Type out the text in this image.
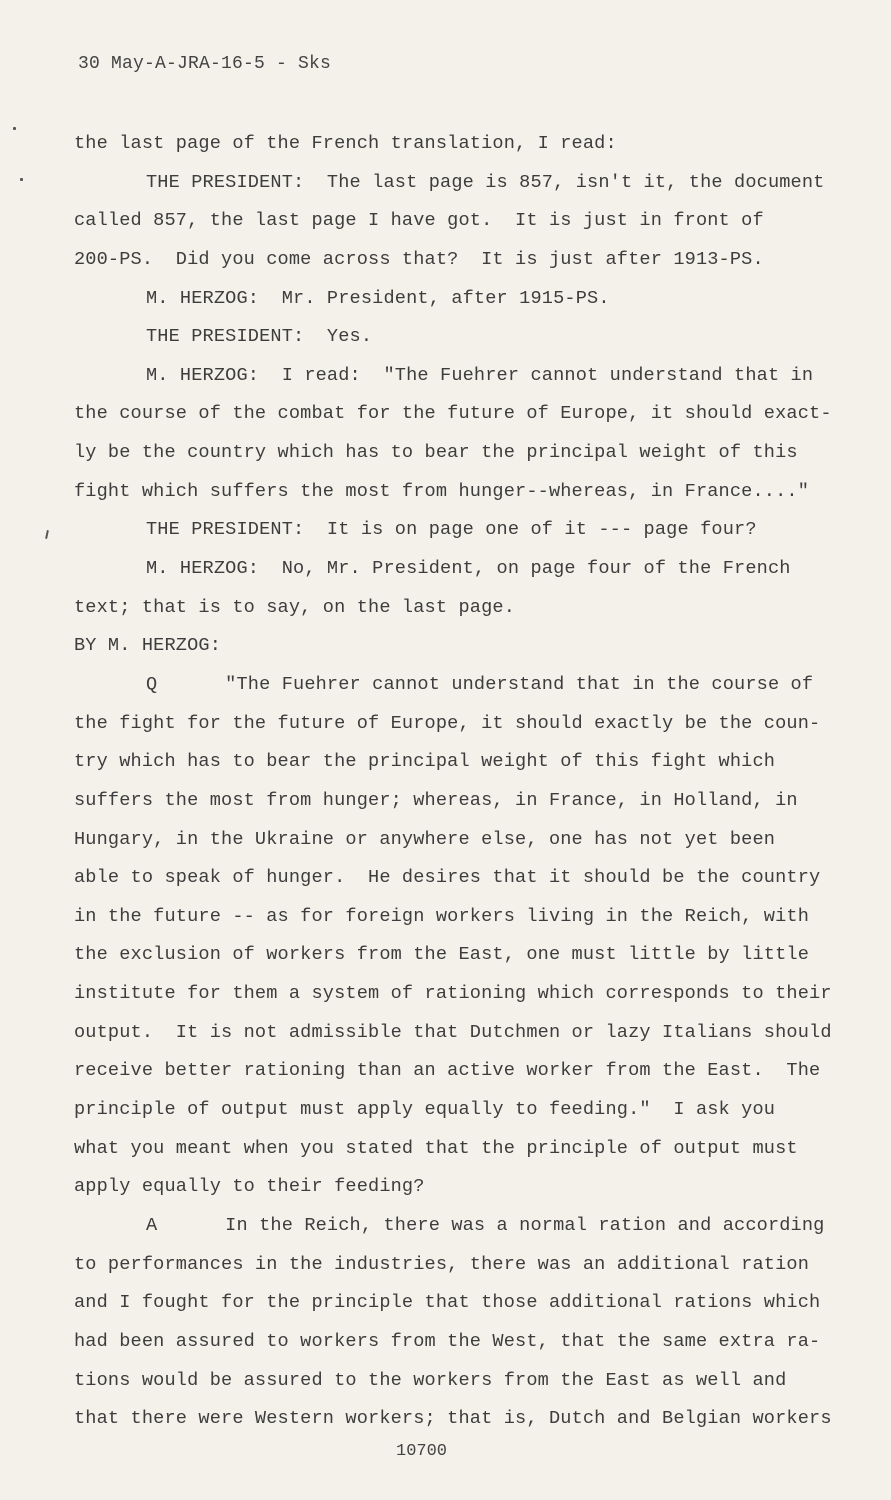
30 May-A-JRA-16-5 - Sks
the last page of the French translation, I read:
THE PRESIDENT:  The last page is 857, isn't it, the document
called 857, the last page I have got.  It is just in front of
200-PS.  Did you come across that?  It is just after 1913-PS.
M. HERZOG:  Mr. President, after 1915-PS.
THE PRESIDENT:  Yes.
M. HERZOG:  I read:  "The Fuehrer cannot understand that in
the course of the combat for the future of Europe, it should exact-
ly be the country which has to bear the principal weight of this
fight which suffers the most from hunger--whereas, in France...."
THE PRESIDENT:  It is on page one of it --- page four?
M. HERZOG:  No, Mr. President, on page four of the French
text; that is to say, on the last page.
BY M. HERZOG:
Q      "The Fuehrer cannot understand that in the course of
the fight for the future of Europe, it should exactly be the coun-
try which has to bear the principal weight of this fight which
suffers the most from hunger; whereas, in France, in Holland, in
Hungary, in the Ukraine or anywhere else, one has not yet been
able to speak of hunger.  He desires that it should be the country
in the future -- as for foreign workers living in the Reich, with
the exclusion of workers from the East, one must little by little
institute for them a system of rationing which corresponds to their
output.  It is not admissible that Dutchmen or lazy Italians should
receive better rationing than an active worker from the East.  The
principle of output must apply equally to feeding."  I ask you
what you meant when you stated that the principle of output must
apply equally to their feeding?
A      In the Reich, there was a normal ration and according
to performances in the industries, there was an additional ration
and I fought for the principle that those additional rations which
had been assured to workers from the West, that the same extra ra-
tions would be assured to the workers from the East as well and
that there were Western workers; that is, Dutch and Belgian workers
10700
